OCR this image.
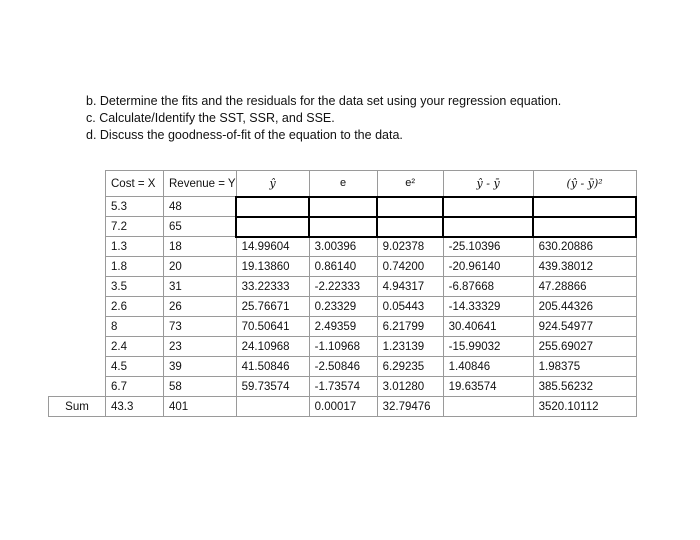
b. Determine the fits and the residuals for the data set using your regression equation.
c. Calculate/Identify the SST, SSR, and SSE.
d. Discuss the goodness-of-fit of the equation to the data.
	Cost = X	Revenue = Y	ŷ	e	e²	ŷ - ȳ	(ŷ - ȳ)²
	5.3	48					
	7.2	65					
	1.3	18	14.99604	3.00396	9.02378	-25.10396	630.20886
	1.8	20	19.13860	0.86140	0.74200	-20.96140	439.38012
	3.5	31	33.22333	-2.22333	4.94317	-6.87668	47.28866
	2.6	26	25.76671	0.23329	0.05443	-14.33329	205.44326
	8	73	70.50641	2.49359	6.21799	30.40641	924.54977
	2.4	23	24.10968	-1.10968	1.23139	-15.99032	255.69027
	4.5	39	41.50846	-2.50846	6.29235	1.40846	1.98375
	6.7	58	59.73574	-1.73574	3.01280	19.63574	385.56232
Sum	43.3	401		0.00017	32.79476		3520.10112
